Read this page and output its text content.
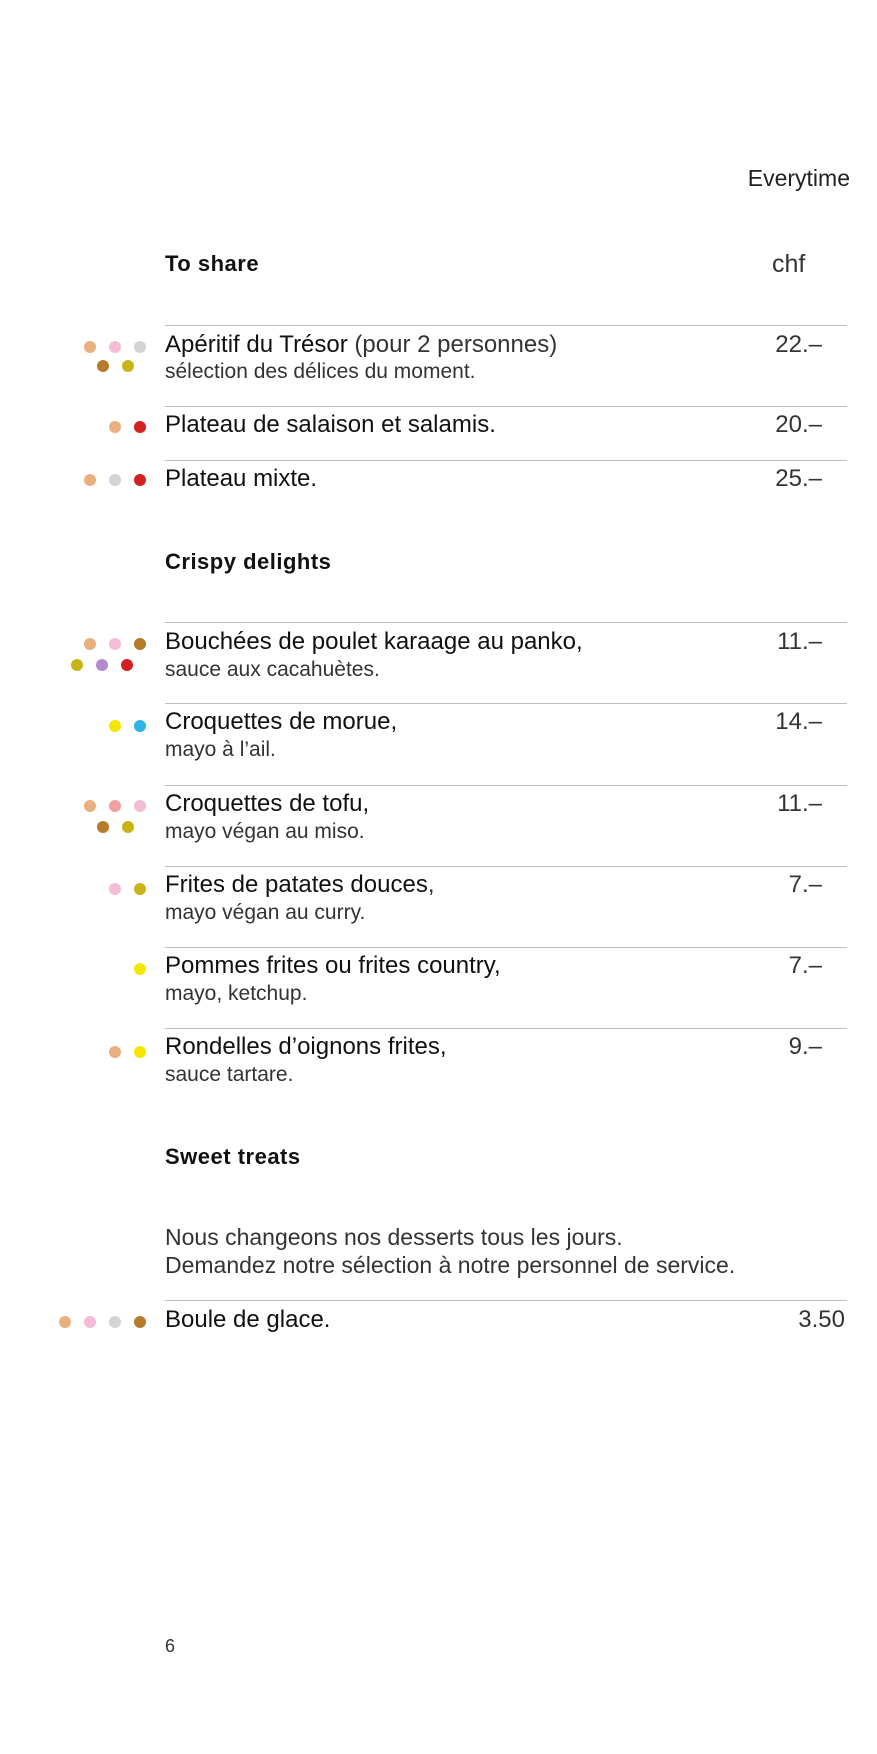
Everytime
To share	chf
Apéritif du Trésor (pour 2 personnes)
sélection des délices du moment.
22.–
Plateau de salaison et salamis.	20.–
Plateau mixte.	25.–
Crispy delights
Bouchées de poulet karaage au panko,
sauce aux cacahuètes.
11.–
Croquettes de morue,
mayo à l’ail.
14.–
Croquettes de tofu,
mayo végan au miso.
11.–
Frites de patates douces,
mayo végan au curry.
7.–
Pommes frites ou frites country,
mayo, ketchup.
7.–
Rondelles d’oignons frites,
sauce tartare.
9.–
Sweet treats
Nous changeons nos desserts tous les jours.
Demandez notre sélection à notre personnel de service.
Boule de glace.	3.50
6
